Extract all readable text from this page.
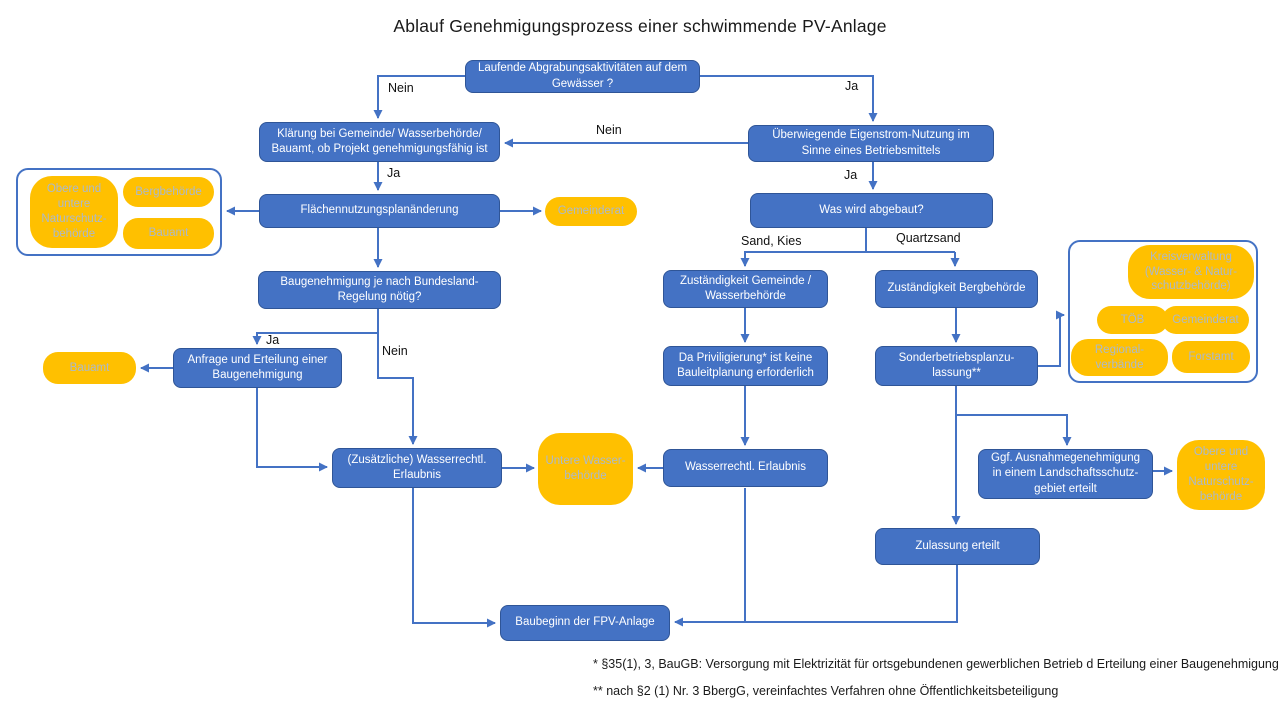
Ablauf Genehmigungsprozess einer schwimmende PV-Anlage
Laufende Abgrabungsaktivitäten auf dem Gewässer ?
Klärung bei Gemeinde/ Wasserbehörde/ Bauamt, ob Projekt genehmigungsfähig ist
Überwiegende Eigenstrom-Nutzung im Sinne eines Betriebsmittels
Flächennutzungsplanänderung	Was wird abgebaut?
Baugenehmigung je nach Bundesland- Regelung nötig?
Anfrage und Erteilung einer Baugenehmigung
Zuständigkeit Gemeinde / Wasserbehörde
Zuständigkeit Bergbehörde
Da Priviligierung* ist keine Bauleitplanung erforderlich
Sonderbetriebsplanzu- lassung**
(Zusätzliche) Wasserrechtl. Erlaubnis
Wasserrechtl. Erlaubnis
Ggf. Ausnahmegenehmigung in einem Landschaftsschutz- gebiet erteilt
Zulassung erteilt
Baubeginn der FPV-Anlage
Obere und untere Naturschutz- behörde
Bergbehörde
Bauamt
Gemeinderat
Bauamt
Untere Wasser- behörde
Obere und untere Naturschutz- behörde
Kreisverwaltung (Wasser- & Natur- schutzbehörde)
TÖB	Gemeinderat
Regional- verbände
Forstamt
Nein	Ja
Nein
Ja	Ja
Sand, Kies	Quartzsand
Ja
Nein
* §35(1), 3, BauGB: Versorgung mit Elektrizität für ortsgebundenen gewerblichen Betrieb d Erteilung einer Baugenehmigung
** nach §2 (1) Nr. 3 BbergG, vereinfachtes Verfahren ohne Öffentlichkeitsbeteiligung
